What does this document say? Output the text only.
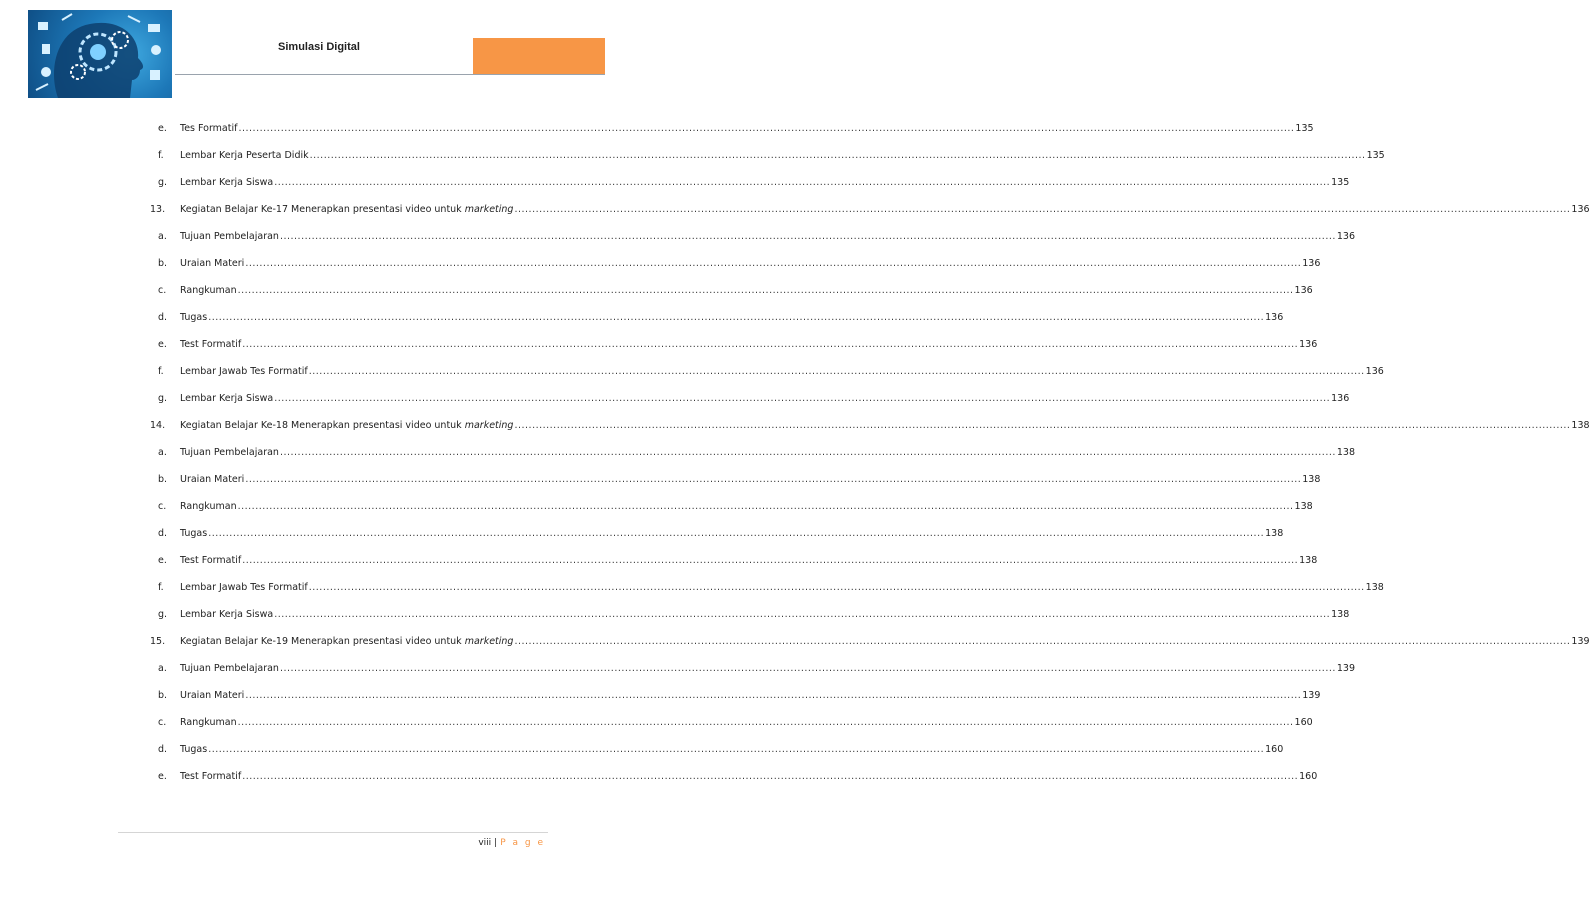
Simulasi Digital
e.	Tes Formatif ............................................................................................................................................................................................................................................................................................................ 135
f.	Lembar Kerja Peserta Didik ............................................................................................................................................................................................................................................................................................................ 135
g.	Lembar Kerja Siswa ............................................................................................................................................................................................................................................................................................................ 135
13.	Kegiatan Belajar Ke-17 Menerapkan presentasi video untuk marketing ............................................................................................................................................................................................................................................................................................................ 136
a.	Tujuan Pembelajaran ............................................................................................................................................................................................................................................................................................................ 136
b.	Uraian Materi ............................................................................................................................................................................................................................................................................................................ 136
c.	Rangkuman ............................................................................................................................................................................................................................................................................................................ 136
d.	Tugas ............................................................................................................................................................................................................................................................................................................ 136
e.	Test Formatif ............................................................................................................................................................................................................................................................................................................ 136
f.	Lembar Jawab Tes Formatif ............................................................................................................................................................................................................................................................................................................ 136
g.	Lembar Kerja Siswa ............................................................................................................................................................................................................................................................................................................ 136
14.	Kegiatan Belajar Ke-18 Menerapkan presentasi video untuk marketing ............................................................................................................................................................................................................................................................................................................ 138
a.	Tujuan Pembelajaran ............................................................................................................................................................................................................................................................................................................ 138
b.	Uraian Materi ............................................................................................................................................................................................................................................................................................................ 138
c.	Rangkuman ............................................................................................................................................................................................................................................................................................................ 138
d.	Tugas ............................................................................................................................................................................................................................................................................................................ 138
e.	Test Formatif ............................................................................................................................................................................................................................................................................................................ 138
f.	Lembar Jawab Tes Formatif ............................................................................................................................................................................................................................................................................................................ 138
g.	Lembar Kerja Siswa ............................................................................................................................................................................................................................................................................................................ 138
15.	Kegiatan Belajar Ke-19 Menerapkan presentasi video untuk marketing ............................................................................................................................................................................................................................................................................................................ 139
a.	Tujuan Pembelajaran ............................................................................................................................................................................................................................................................................................................ 139
b.	Uraian Materi ............................................................................................................................................................................................................................................................................................................ 139
c.	Rangkuman ............................................................................................................................................................................................................................................................................................................ 160
d.	Tugas ............................................................................................................................................................................................................................................................................................................ 160
e.	Test Formatif ............................................................................................................................................................................................................................................................................................................ 160
viii | P a g e
